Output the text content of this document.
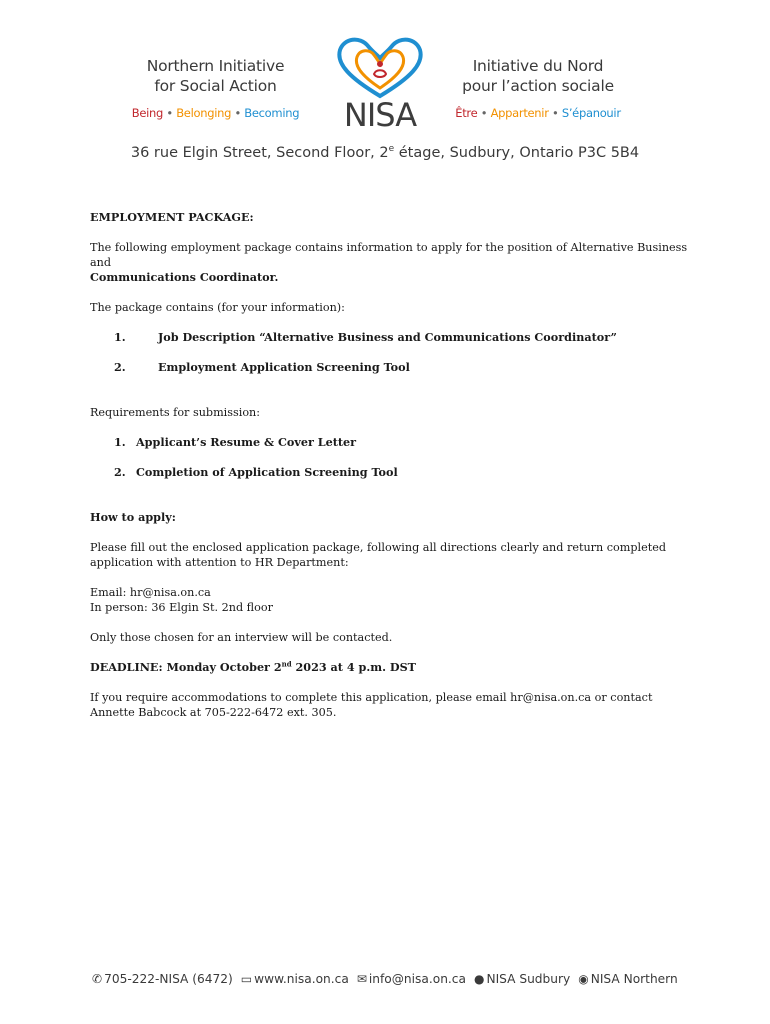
Northern Initiative
for Social Action
Being • Belonging • Becoming	NISA
Initiative du Nord
pour l’action sociale
Être • Appartenir • S’épanouir
36 rue Elgin Street, Second Floor, 2e étage, Sudbury, Ontario P3C 5B4

EMPLOYMENT PACKAGE:

The following employment package contains information to apply for the position of Alternative Business and
Communications Coordinator.

The package contains (for your information):

1.	Job Description “Alternative Business and Communications Coordinator”
2.	Employment Application Screening Tool

Requirements for submission:

1. Applicant’s Resume & Cover Letter
2. Completion of Application Screening Tool

How to apply:

Please fill out the enclosed application package, following all directions clearly and return completed
application with attention to HR Department:

Email: hr@nisa.on.ca
In person: 36 Elgin St. 2nd floor

Only those chosen for an interview will be contacted.

DEADLINE: Monday October 2nd 2023 at 4 p.m. DST

If you require accommodations to complete this application, please email hr@nisa.on.ca or contact
Annette Babcock at 705-222-6472 ext. 305.

✆ 705-222-NISA (6472) ▭ www.nisa.on.ca ✉ info@nisa.on.ca ● NISA Sudbury ◉ NISA Northern
